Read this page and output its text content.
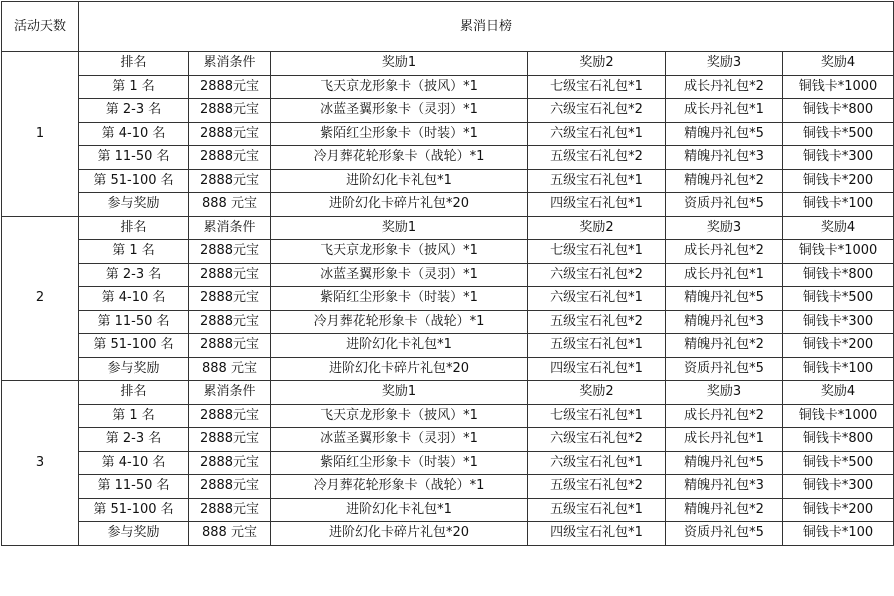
活动天数	累消日榜					
1	排名	累消条件	奖励1	奖励2	奖励3	奖励4
	第 1 名	2888元宝	飞天京龙形象卡（披风）*1	七级宝石礼包*1	成长丹礼包*2	铜钱卡*1000
	第 2-3 名	2888元宝	冰蓝圣翼形象卡（灵羽）*1	六级宝石礼包*2	成长丹礼包*1	铜钱卡*800
	第 4-10 名	2888元宝	紫陌红尘形象卡（时装）*1	六级宝石礼包*1	精魄丹礼包*5	铜钱卡*500
	第 11-50 名	2888元宝	冷月葬花轮形象卡（战轮）*1	五级宝石礼包*2	精魄丹礼包*3	铜钱卡*300
	第 51-100 名	2888元宝	进阶幻化卡礼包*1	五级宝石礼包*1	精魄丹礼包*2	铜钱卡*200
	参与奖励	888 元宝	进阶幻化卡碎片礼包*20	四级宝石礼包*1	资质丹礼包*5	铜钱卡*100
2	排名	累消条件	奖励1	奖励2	奖励3	奖励4
	第 1 名	2888元宝	飞天京龙形象卡（披风）*1	七级宝石礼包*1	成长丹礼包*2	铜钱卡*1000
	第 2-3 名	2888元宝	冰蓝圣翼形象卡（灵羽）*1	六级宝石礼包*2	成长丹礼包*1	铜钱卡*800
	第 4-10 名	2888元宝	紫陌红尘形象卡（时装）*1	六级宝石礼包*1	精魄丹礼包*5	铜钱卡*500
	第 11-50 名	2888元宝	冷月葬花轮形象卡（战轮）*1	五级宝石礼包*2	精魄丹礼包*3	铜钱卡*300
	第 51-100 名	2888元宝	进阶幻化卡礼包*1	五级宝石礼包*1	精魄丹礼包*2	铜钱卡*200
	参与奖励	888 元宝	进阶幻化卡碎片礼包*20	四级宝石礼包*1	资质丹礼包*5	铜钱卡*100
3	排名	累消条件	奖励1	奖励2	奖励3	奖励4
	第 1 名	2888元宝	飞天京龙形象卡（披风）*1	七级宝石礼包*1	成长丹礼包*2	铜钱卡*1000
	第 2-3 名	2888元宝	冰蓝圣翼形象卡（灵羽）*1	六级宝石礼包*2	成长丹礼包*1	铜钱卡*800
	第 4-10 名	2888元宝	紫陌红尘形象卡（时装）*1	六级宝石礼包*1	精魄丹礼包*5	铜钱卡*500
	第 11-50 名	2888元宝	冷月葬花轮形象卡（战轮）*1	五级宝石礼包*2	精魄丹礼包*3	铜钱卡*300
	第 51-100 名	2888元宝	进阶幻化卡礼包*1	五级宝石礼包*1	精魄丹礼包*2	铜钱卡*200
	参与奖励	888 元宝	进阶幻化卡碎片礼包*20	四级宝石礼包*1	资质丹礼包*5	铜钱卡*100
